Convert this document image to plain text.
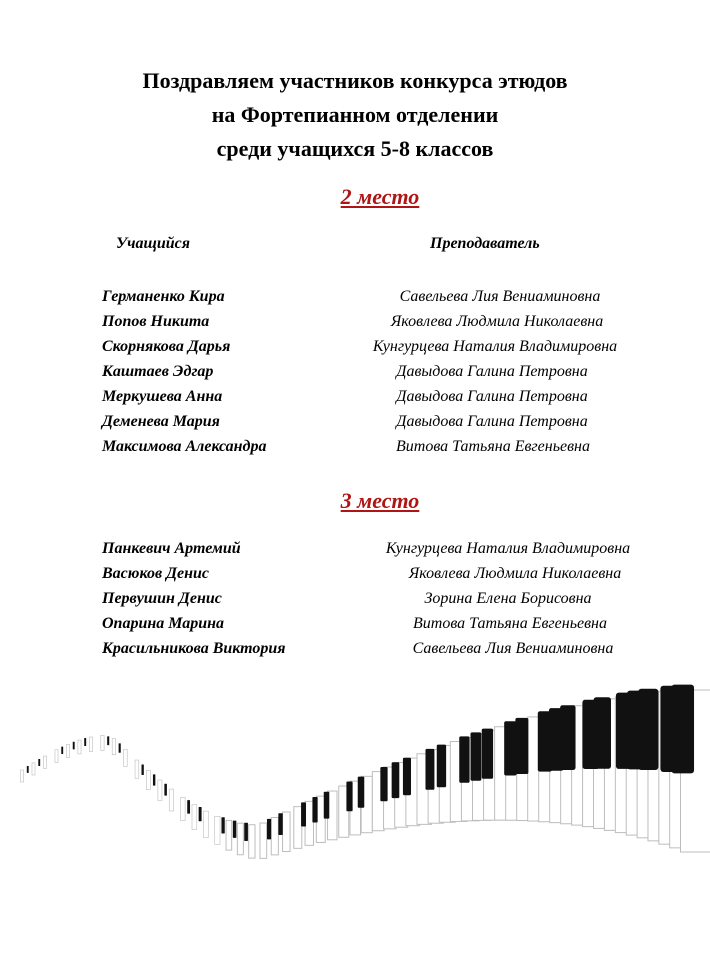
Поздравляем участников конкурса этюдов
на Фортепианном отделении
среди учащихся 5-8 классов
2 место
Учащийся	Преподаватель
Германенко Кира	Савельева Лия Вениаминовна
Попов Никита	Яковлева Людмила Николаевна
Скорнякова Дарья	Кунгурцева Наталия Владимировна
Каштаев Эдгар	Давыдова Галина Петровна
Меркушева Анна	Давыдова Галина Петровна
Деменева Мария	Давыдова Галина Петровна
Максимова Александра	Витова Татьяна Евгеньевна
3 место
Панкевич Артемий	Кунгурцева Наталия Владимировна
Васюков Денис	Яковлева Людмила Николаевна
Первушин Денис	Зорина Елена Борисовна
Опарина Марина	Витова Татьяна Евгеньевна
Красильникова Виктория	Савельева Лия Вениаминовна
